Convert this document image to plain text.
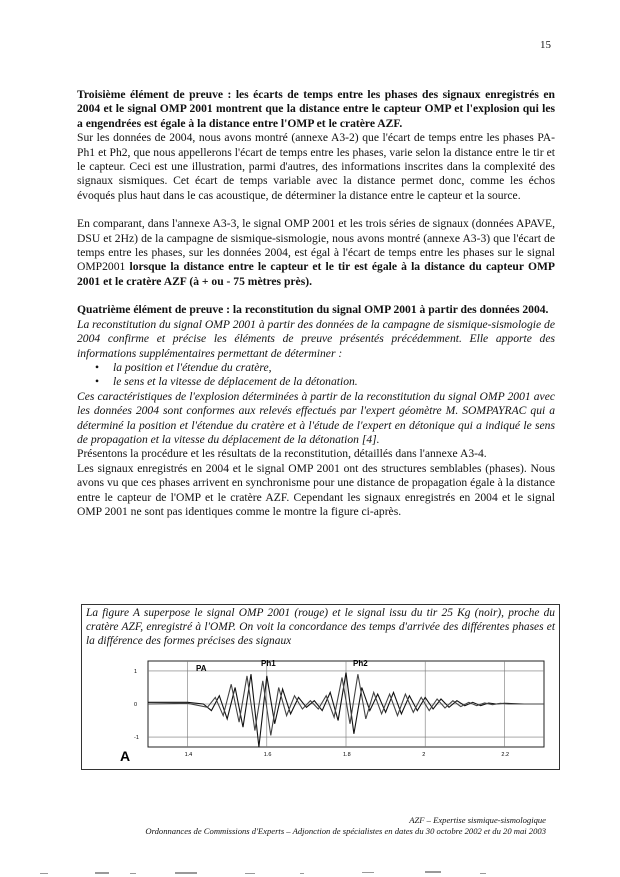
15

Troisième élément de preuve : les écarts de temps entre les phases des signaux enregistrés en 2004 et le signal OMP 2001 montrent que la distance entre le capteur OMP et l'explosion qui les a engendrées est égale à la distance entre l'OMP et le cratère AZF.

Sur les données de 2004, nous avons montré (annexe A3-2) que l'écart de temps entre les phases PA-Ph1 et Ph2, que nous appellerons l'écart de temps entre les phases, varie selon la distance entre le tir et le capteur. Ceci est une illustration, parmi d'autres, des informations inscrites dans la complexité des signaux sismiques. Cet écart de temps variable avec la distance permet donc, comme les échos évoqués plus haut dans le cas acoustique, de déterminer la distance entre le capteur et la source.

En comparant, dans l'annexe A3-3, le signal OMP 2001 et les trois séries de signaux (données APAVE, DSU et 2Hz) de la campagne de sismique-sismologie, nous avons montré (annexe A3-3) que l'écart de temps entre les phases, sur les données 2004, est égal à l'écart de temps entre les phases sur le signal OMP2001 lorsque la distance entre le capteur et le tir est égale à la distance du capteur OMP 2001 et le cratère AZF (à + ou - 75 mètres près).

Quatrième élément de preuve : la reconstitution du signal OMP 2001 à partir des données 2004.

La reconstitution du signal OMP 2001 à partir des données de la campagne de sismique-sismologie de 2004 confirme et précise les éléments de preuve présentés précédemment. Elle apporte des informations supplémentaires permettant de déterminer :

• la position et l'étendue du cratère,
• le sens et la vitesse de déplacement de la détonation.

Ces caractéristiques de l'explosion déterminées à partir de la reconstitution du signal OMP 2001 avec les données 2004 sont conformes aux relevés effectués par l'expert géomètre M. SOMPAYRAC qui a déterminé la position et l'étendue du cratère et à l'étude de l'expert en détonique qui a indiqué le sens de propagation et la vitesse du déplacement de la détonation [4].

Présentons la procédure et les résultats de la reconstitution, détaillés dans l'annexe A3-4.

Les signaux enregistrés en 2004 et le signal OMP 2001 ont des structures semblables (phases). Nous avons vu que ces phases arrivent en synchronisme pour une distance de propagation égale à la distance entre le capteur de l'OMP et le cratère AZF. Cependant les signaux enregistrés en 2004 et le signal OMP 2001 ne sont pas identiques comme le montre la figure ci-après.

La figure A superpose le signal OMP 2001 (rouge) et le signal issu du tir 25 Kg (noir), proche du cratère AZF, enregistré à l'OMP. On voit la concordance des temps d'arrivée des différentes phases et la différence des formes précises des signaux

1
0
-1
1.4	1.6	1.8	2	2.2
PA
Ph1	Ph2
A
AZF – Expertise sismique-sismologique
Ordonnances de Commissions d'Experts – Adjonction de spécialistes en dates du 30 octobre 2002 et du 20 mai 2003
